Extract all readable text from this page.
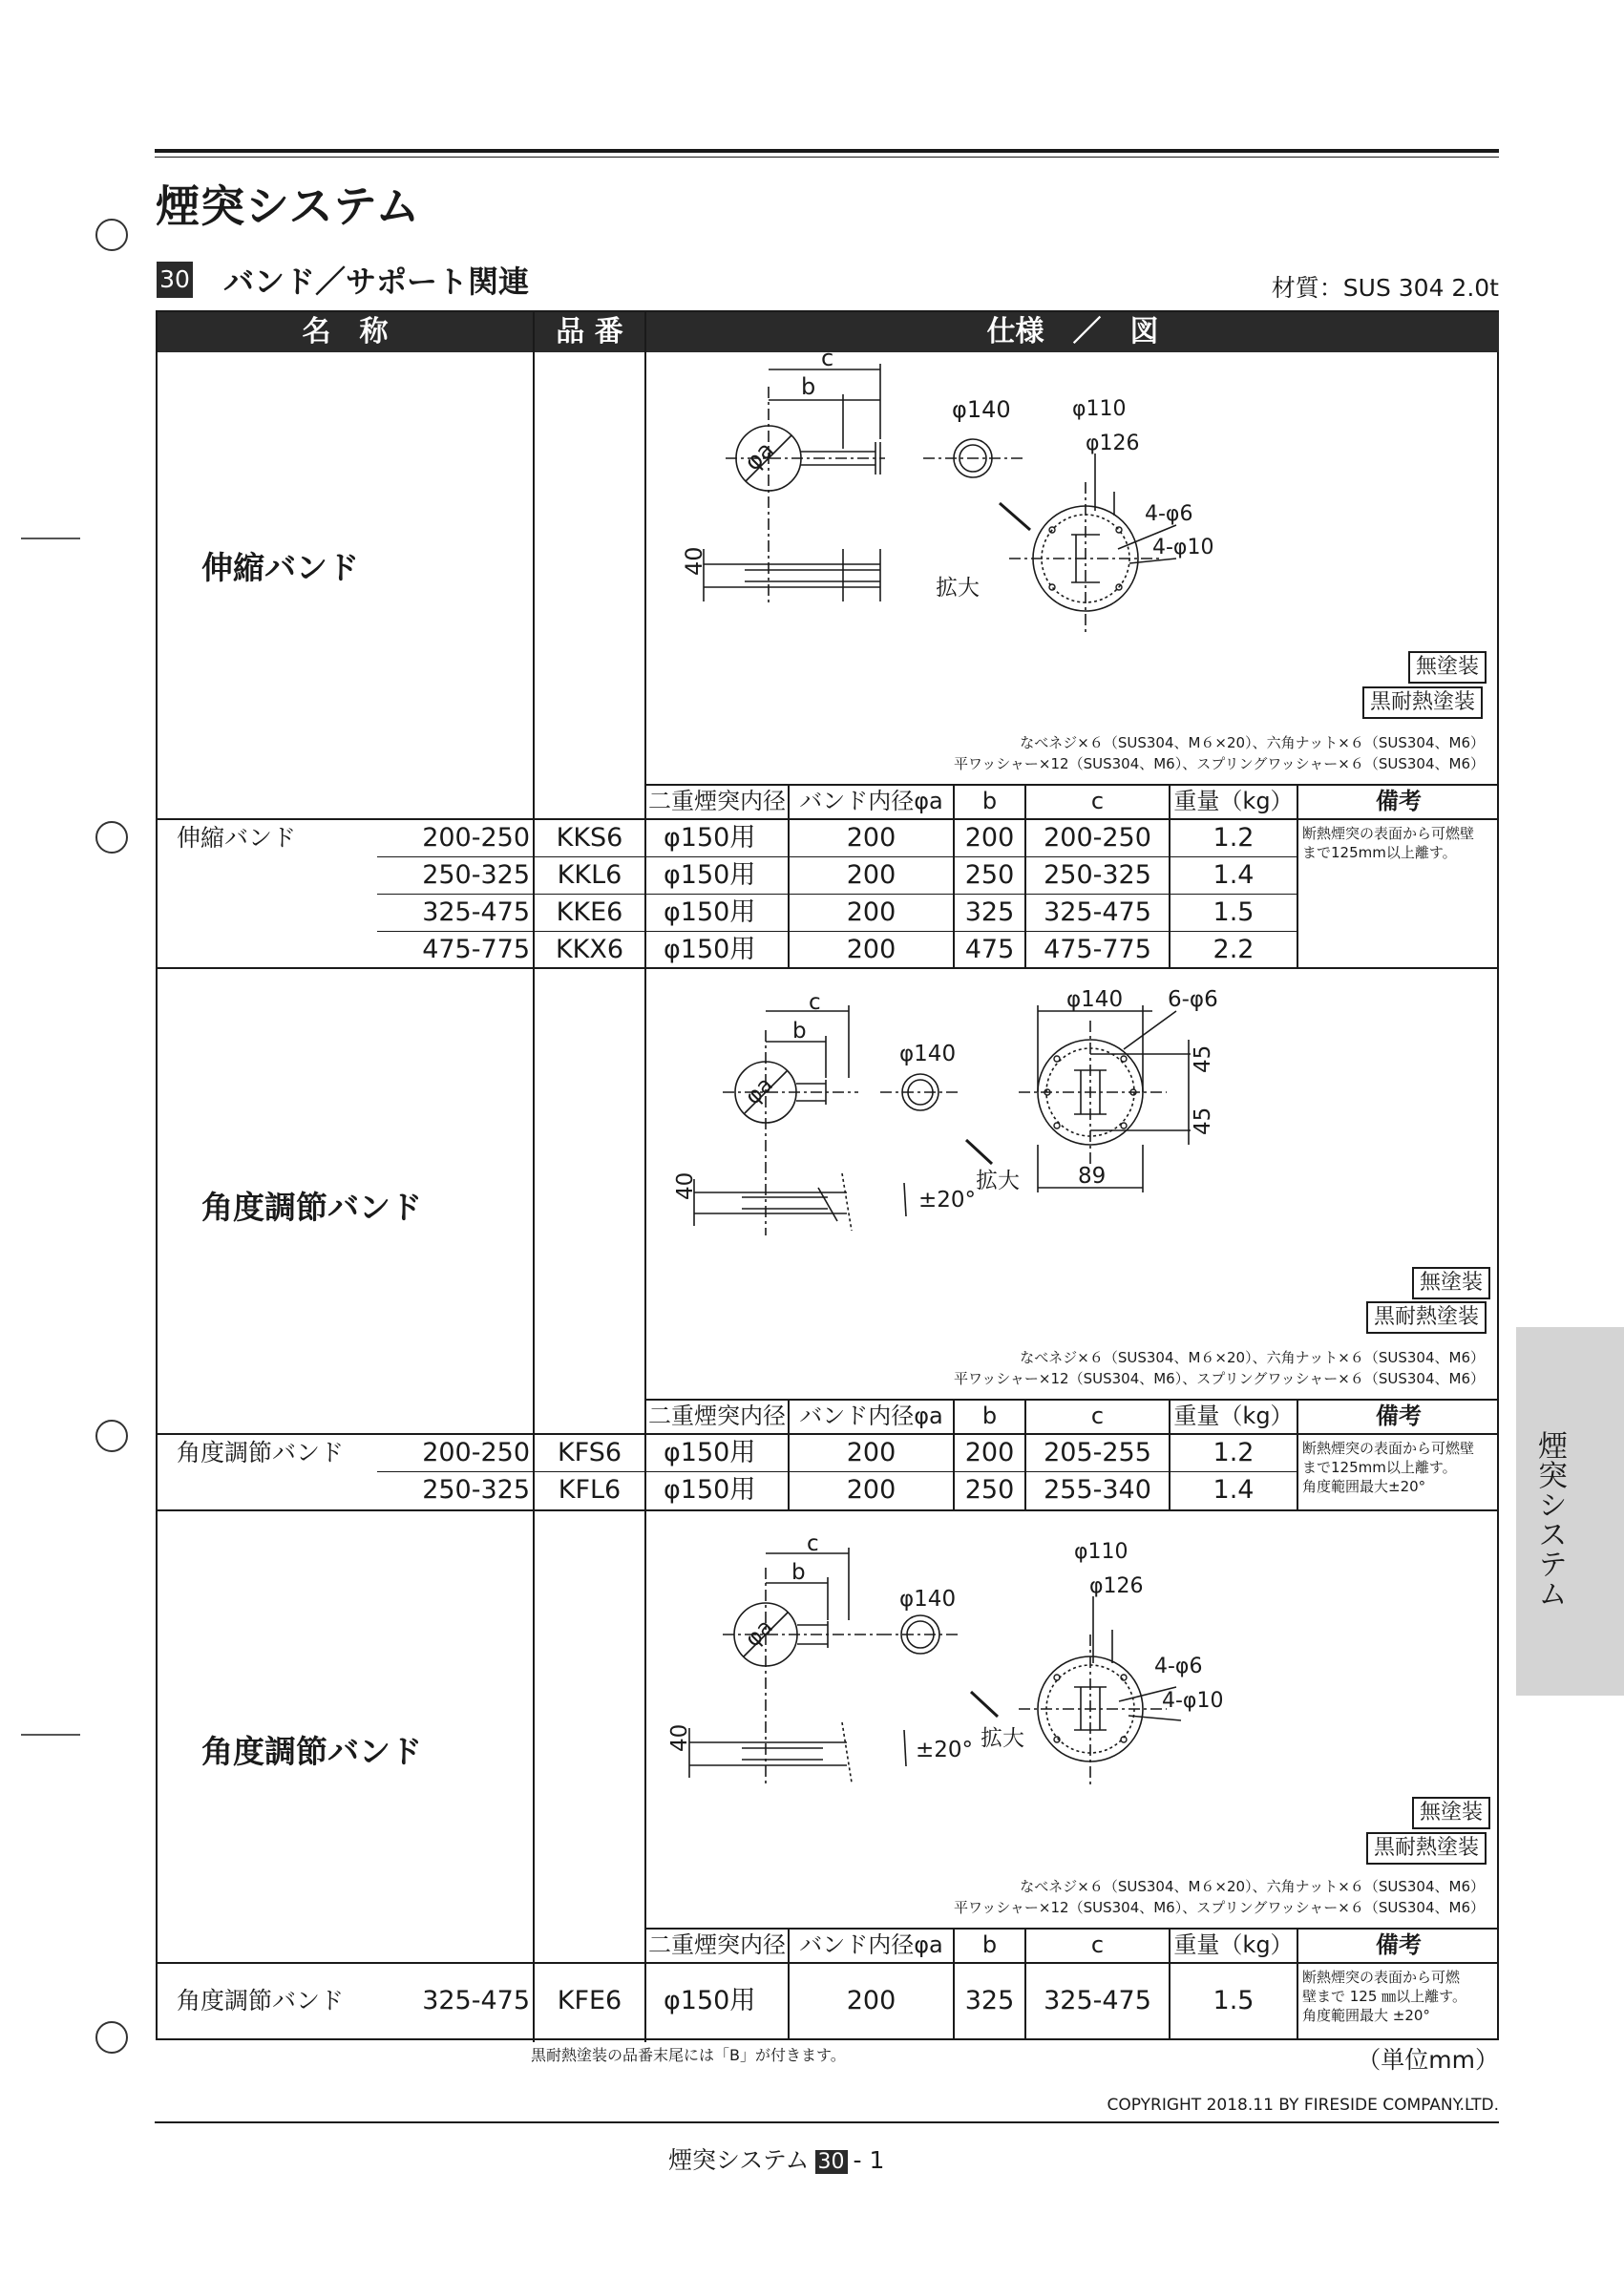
煙突システム
30 バンド／サポート関連	材質：SUS 304 2.0t
名　称	品 番	仕様　／　図
伸縮バンド
c
b
φa
φ140	φ110
φ126
4-φ6
4-φ10
拡大
40
無塗装
黒耐熱塗装
なべネジ×６（SUS304、M６×20）、六角ナット×６（SUS304、M6）
平ワッシャー×12（SUS304、M6）、スプリングワッシャー×６（SUS304、M6）
二重煙突内径 バンド内径φa	b	c	重量（kg）	備考
伸縮バンド	200-250	KKS6	φ150用	200	200	200-250	1.2
250-325	KKL6	φ150用	200	250	250-325	1.4
325-475	KKE6	φ150用	200	325	325-475	1.5
475-775 KKX6	φ150用	200	475	475-775	2.2
断熱煙突の表面から可燃壁
まで125mm以上離す。
角度調節バンド
c
b
φa
φ140
φ140 6-φ6
45
45
89
±20°
拡大
40
無塗装
黒耐熱塗装
なべネジ×６（SUS304、M６×20）、六角ナット×６（SUS304、M6）
平ワッシャー×12（SUS304、M6）、スプリングワッシャー×６（SUS304、M6）
二重煙突内径 バンド内径φa	b	c	重量（kg）	備考
角度調節バンド	200-250	KFS6	φ150用	200	200	205-255	1.2
250-325	KFL6	φ150用	200	250	255-340	1.4
断熱煙突の表面から可燃壁
まで125mm以上離す。
角度範囲最大±20°
角度調節バンド
c
b
φa
φ140
φ110
φ126
4-φ6
4-φ10
±20° 拡大
40
無塗装
黒耐熱塗装
なべネジ×６（SUS304、M６×20）、六角ナット×６（SUS304、M6）
平ワッシャー×12（SUS304、M6）、スプリングワッシャー×６（SUS304、M6）
二重煙突内径 バンド内径φa	b	c	重量（kg）	備考
角度調節バンド	325-475	KFE6	φ150用	200	325	325-475	1.5
断熱煙突の表面から可燃
壁まで 125 ㎜以上離す。
角度範囲最大 ±20°
黒耐熱塗装の品番末尾には「B」が付きます。	（単位mm）
COPYRIGHT 2018.11 BY FIRESIDE COMPANY.LTD.
煙突システム 30 - 1
煙突システム
